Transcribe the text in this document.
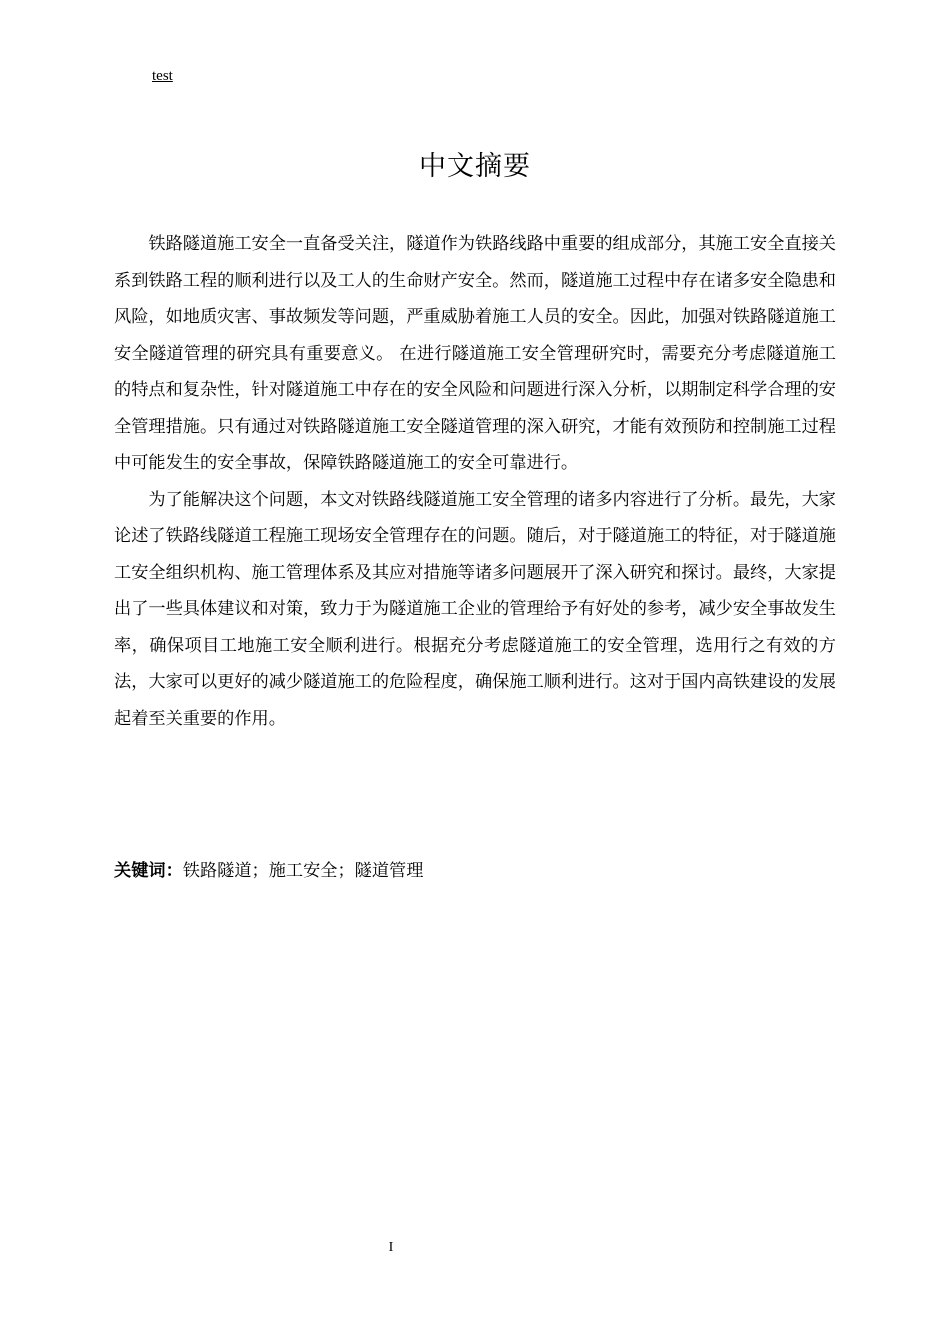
test
中文摘要

铁路隧道施工安全一直备受关注，隧道作为铁路线路中重要的组成部分，其施工安全直接关系到铁路工程的顺利进行以及工人的生命财产安全。然而，隧道施工过程中存在诸多安全隐患和风险，如地质灾害、事故频发等问题，严重威胁着施工人员的安全。因此，加强对铁路隧道施工安全隧道管理的研究具有重要意义。 在进行隧道施工安全管理研究时，需要充分考虑隧道施工的特点和复杂性，针对隧道施工中存在的安全风险和问题进行深入分析，以期制定科学合理的安全管理措施。只有通过对铁路隧道施工安全隧道管理的深入研究，才能有效预防和控制施工过程中可能发生的安全事故，保障铁路隧道施工的安全可靠进行。

为了能解决这个问题，本文对铁路线隧道施工安全管理的诸多内容进行了分析。最先，大家论述了铁路线隧道工程施工现场安全管理存在的问题。随后，对于隧道施工的特征，对于隧道施工安全组织机构、施工管理体系及其应对措施等诸多问题展开了深入研究和探讨。最终，大家提出了一些具体建议和对策，致力于为隧道施工企业的管理给予有好处的参考，减少安全事故发生率，确保项目工地施工安全顺利进行。根据充分考虑隧道施工的安全管理，选用行之有效的方法，大家可以更好的减少隧道施工的危险程度，确保施工顺利进行。这对于国内高铁建设的发展起着至关重要的作用。

关键词：铁路隧道；施工安全；隧道管理
I
